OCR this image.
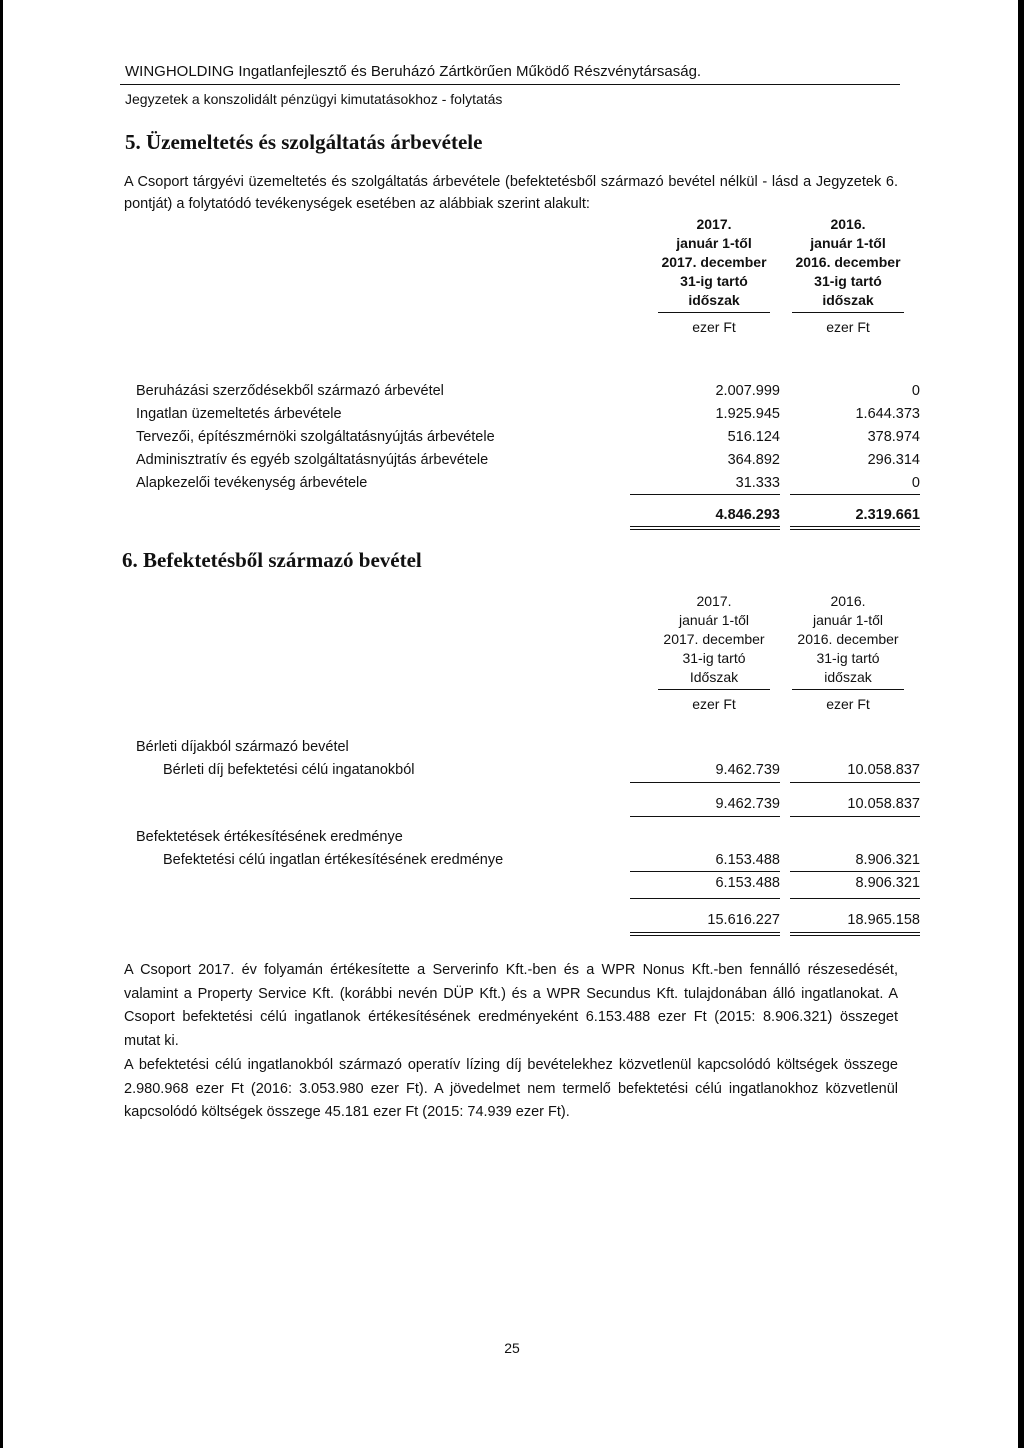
WINGHOLDING Ingatlanfejlesztő és Beruházó Zártkörűen Működő Részvénytársaság.
Jegyzetek a konszolidált pénzügyi kimutatásokhoz - folytatás
5. Üzemeltetés és szolgáltatás árbevétele
A Csoport tárgyévi üzemeltetés és szolgáltatás árbevétele (befektetésből származó bevétel nélkül - lásd a Jegyzetek 6. pontját) a folytatódó tevékenységek esetében az alábbiak szerint alakult:
2017.
január 1-től
2017. december
31-ig tartó
időszak
ezer Ft
2016.
január 1-től
2016. december
31-ig tartó
időszak
ezer Ft
Beruházási szerződésekből származó árbevétel	2.007.999	0
Ingatlan üzemeltetés árbevétele	1.925.945	1.644.373
Tervezői, építészmérnöki szolgáltatásnyújtás árbevétele	516.124	378.974
Adminisztratív és egyéb szolgáltatásnyújtás árbevétele	364.892	296.314
Alapkezelői tevékenység árbevétele	31.333	0
4.846.293	2.319.661
6. Befektetésből származó bevétel
2017.
január 1-től
2017. december
31-ig tartó
Időszak
ezer Ft
2016.
január 1-től
2016. december
31-ig tartó
időszak
ezer Ft
Bérleti díjakból származó bevétel
Bérleti díj befektetési célú ingatanokból	9.462.739	10.058.837
9.462.739	10.058.837
Befektetések értékesítésének eredménye
Befektetési célú ingatlan értékesítésének eredménye	6.153.488	8.906.321
6.153.488	8.906.321
15.616.227	18.965.158
A Csoport 2017. év folyamán értékesítette a Serverinfo Kft.-ben és a WPR Nonus Kft.-ben fennálló részesedését, valamint a Property Service Kft. (korábbi nevén DÜP Kft.) és a WPR Secundus Kft. tulajdonában álló ingatlanokat. A Csoport befektetési célú ingatlanok értékesítésének eredményeként 6.153.488 ezer Ft (2015: 8.906.321) összeget mutat ki.
A befektetési célú ingatlanokból származó operatív lízing díj bevételekhez közvetlenül kapcsolódó költségek összege 2.980.968 ezer Ft (2016: 3.053.980 ezer Ft). A jövedelmet nem termelő befektetési célú ingatlanokhoz közvetlenül kapcsolódó költségek összege 45.181 ezer Ft (2015: 74.939 ezer Ft).
25
